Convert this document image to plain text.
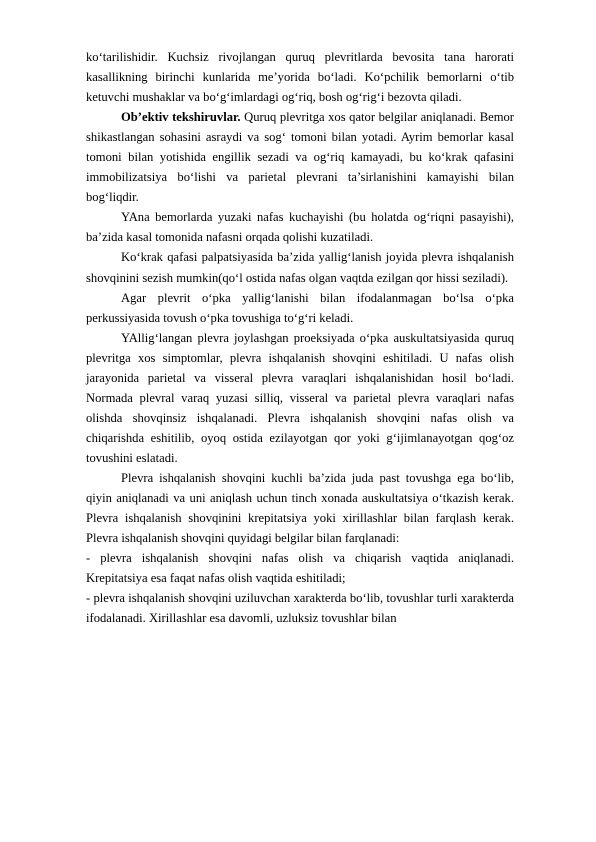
ko‘tarilishidir. Kuchsiz rivojlangan quruq plevritlarda bevosita tana harorati kasallikning birinchi kunlarida me’yorida bo‘ladi. Ko‘pchilik bemorlarni o‘tib ketuvchi mushaklar va bo‘g‘imlardagi og‘riq, bosh og‘rig‘i bezovta qiladi.

Ob’ektiv tekshiruvlar. Quruq plevritga xos qator belgilar aniqlanadi. Bemor shikastlangan sohasini asraydi va sog‘ tomoni bilan yotadi. Ayrim bemorlar kasal tomoni bilan yotishida engillik sezadi va og‘riq kamayadi, bu ko‘krak qafasini immobilizatsiya bo‘lishi va parietal plevrani ta’sirlanishini kamayishi bilan bog‘liqdir.

YAna bemorlarda yuzaki nafas kuchayishi (bu holatda og‘riqni pasayishi), ba’zida kasal tomonida nafasni orqada qolishi kuzatiladi.

Ko‘krak qafasi palpatsiyasida ba’zida yallig‘lanish joyida plevra ishqalanish shovqinini sezish mumkin(qo‘l ostida nafas olgan vaqtda ezilgan qor hissi seziladi).

Agar plevrit o‘pka yallig‘lanishi bilan ifodalanmagan bo‘lsa o‘pka perkussiyasida tovush o‘pka tovushiga to‘g‘ri keladi.

YAllig‘langan plevra joylashgan proeksiyada o‘pka auskultatsiyasida quruq plevritga xos simptomlar, plevra ishqalanish shovqini eshitiladi. U nafas olish jarayonida parietal va visseral plevra varaqlari ishqalanishidan hosil bo‘ladi. Normada plevral varaq yuzasi silliq, visseral va parietal plevra varaqlari nafas olishda shovqinsiz ishqalanadi. Plevra ishqalanish shovqini nafas olish va chiqarishda eshitilib, oyoq ostida ezilayotgan qor yoki g‘ijimlanayotgan qog‘oz tovushini eslatadi.

Plevra ishqalanish shovqini kuchli ba’zida juda past tovushga ega bo‘lib, qiyin aniqlanadi va uni aniqlash uchun tinch xonada auskultatsiya o‘tkazish kerak. Plevra ishqalanish shovqinini krepitatsiya yoki xirillashlar bilan farqlash kerak. Plevra ishqalanish shovqini quyidagi belgilar bilan farqlanadi:

- plevra ishqalanish shovqini nafas olish va chiqarish vaqtida aniqlanadi. Krepitatsiya esa faqat nafas olish vaqtida eshitiladi;

- plevra ishqalanish shovqini uziluvchan xarakterda bo‘lib, tovushlar turli xarakterda ifodalanadi. Xirillashlar esa davomli, uzluksiz tovushlar bilan
